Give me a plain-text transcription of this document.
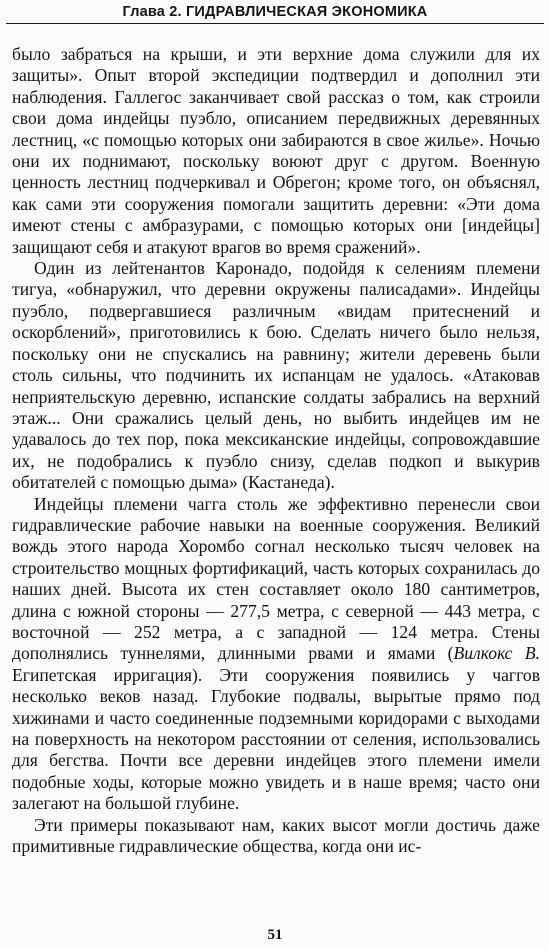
Глава 2. ГИДРАВЛИЧЕСКАЯ ЭКОНОМИКА

было забраться на крыши, и эти верхние дома служили для их защиты». Опыт второй экспедиции подтвердил и дополнил эти наблюдения. Галлегос заканчивает свой рассказ о том, как строили свои дома индейцы пуэбло, описанием передвижных деревянных лестниц, «с помощью которых они забираются в свое жилье». Ночью они их поднимают, поскольку воюют друг с другом. Военную ценность лестниц подчеркивал и Обрегон; кроме того, он объяснял, как сами эти сооружения помогали защитить деревни: «Эти дома имеют стены с амбразурами, с помощью которых они [индейцы] защищают себя и атакуют врагов во время сражений».

Один из лейтенантов Каронадо, подойдя к селениям племени тигуа, «обнаружил, что деревни окружены палисадами». Индейцы пуэбло, подвергавшиеся различным «видам притеснений и оскорблений», приготовились к бою. Сделать ничего было нельзя, поскольку они не спускались на равнину; жители деревень были столь сильны, что подчинить их испанцам не удалось. «Атаковав неприятельскую деревню, испанские солдаты забрались на верхний этаж... Они сражались целый день, но выбить индейцев им не удавалось до тех пор, пока мексиканские индейцы, сопровождавшие их, не подобрались к пуэбло снизу, сделав подкоп и выкурив обитателей с помощью дыма» (Кастанеда).

Индейцы племени чагга столь же эффективно перенесли свои гидравлические рабочие навыки на военные сооружения. Великий вождь этого народа Хоромбо согнал несколько тысяч человек на строительство мощных фортификаций, часть которых сохранилась до наших дней. Высота их стен составляет около 180 сантиметров, длина с южной стороны — 277,5 метра, с северной — 443 метра, с восточной — 252 метра, а с западной — 124 метра. Стены дополнялись туннелями, длинными рвами и ямами (Вилкокс В. Египетская ирригация). Эти сооружения появились у чаггов несколько веков назад. Глубокие подвалы, вырытые прямо под хижинами и часто соединенные подземными коридорами с выходами на поверхность на некотором расстоянии от селения, использовались для бегства. Почти все деревни индейцев этого племени имели подобные ходы, которые можно увидеть и в наше время; часто они залегают на большой глубине.

Эти примеры показывают нам, каких высот могли достичь даже примитивные гидравлические общества, когда они ис-

51
